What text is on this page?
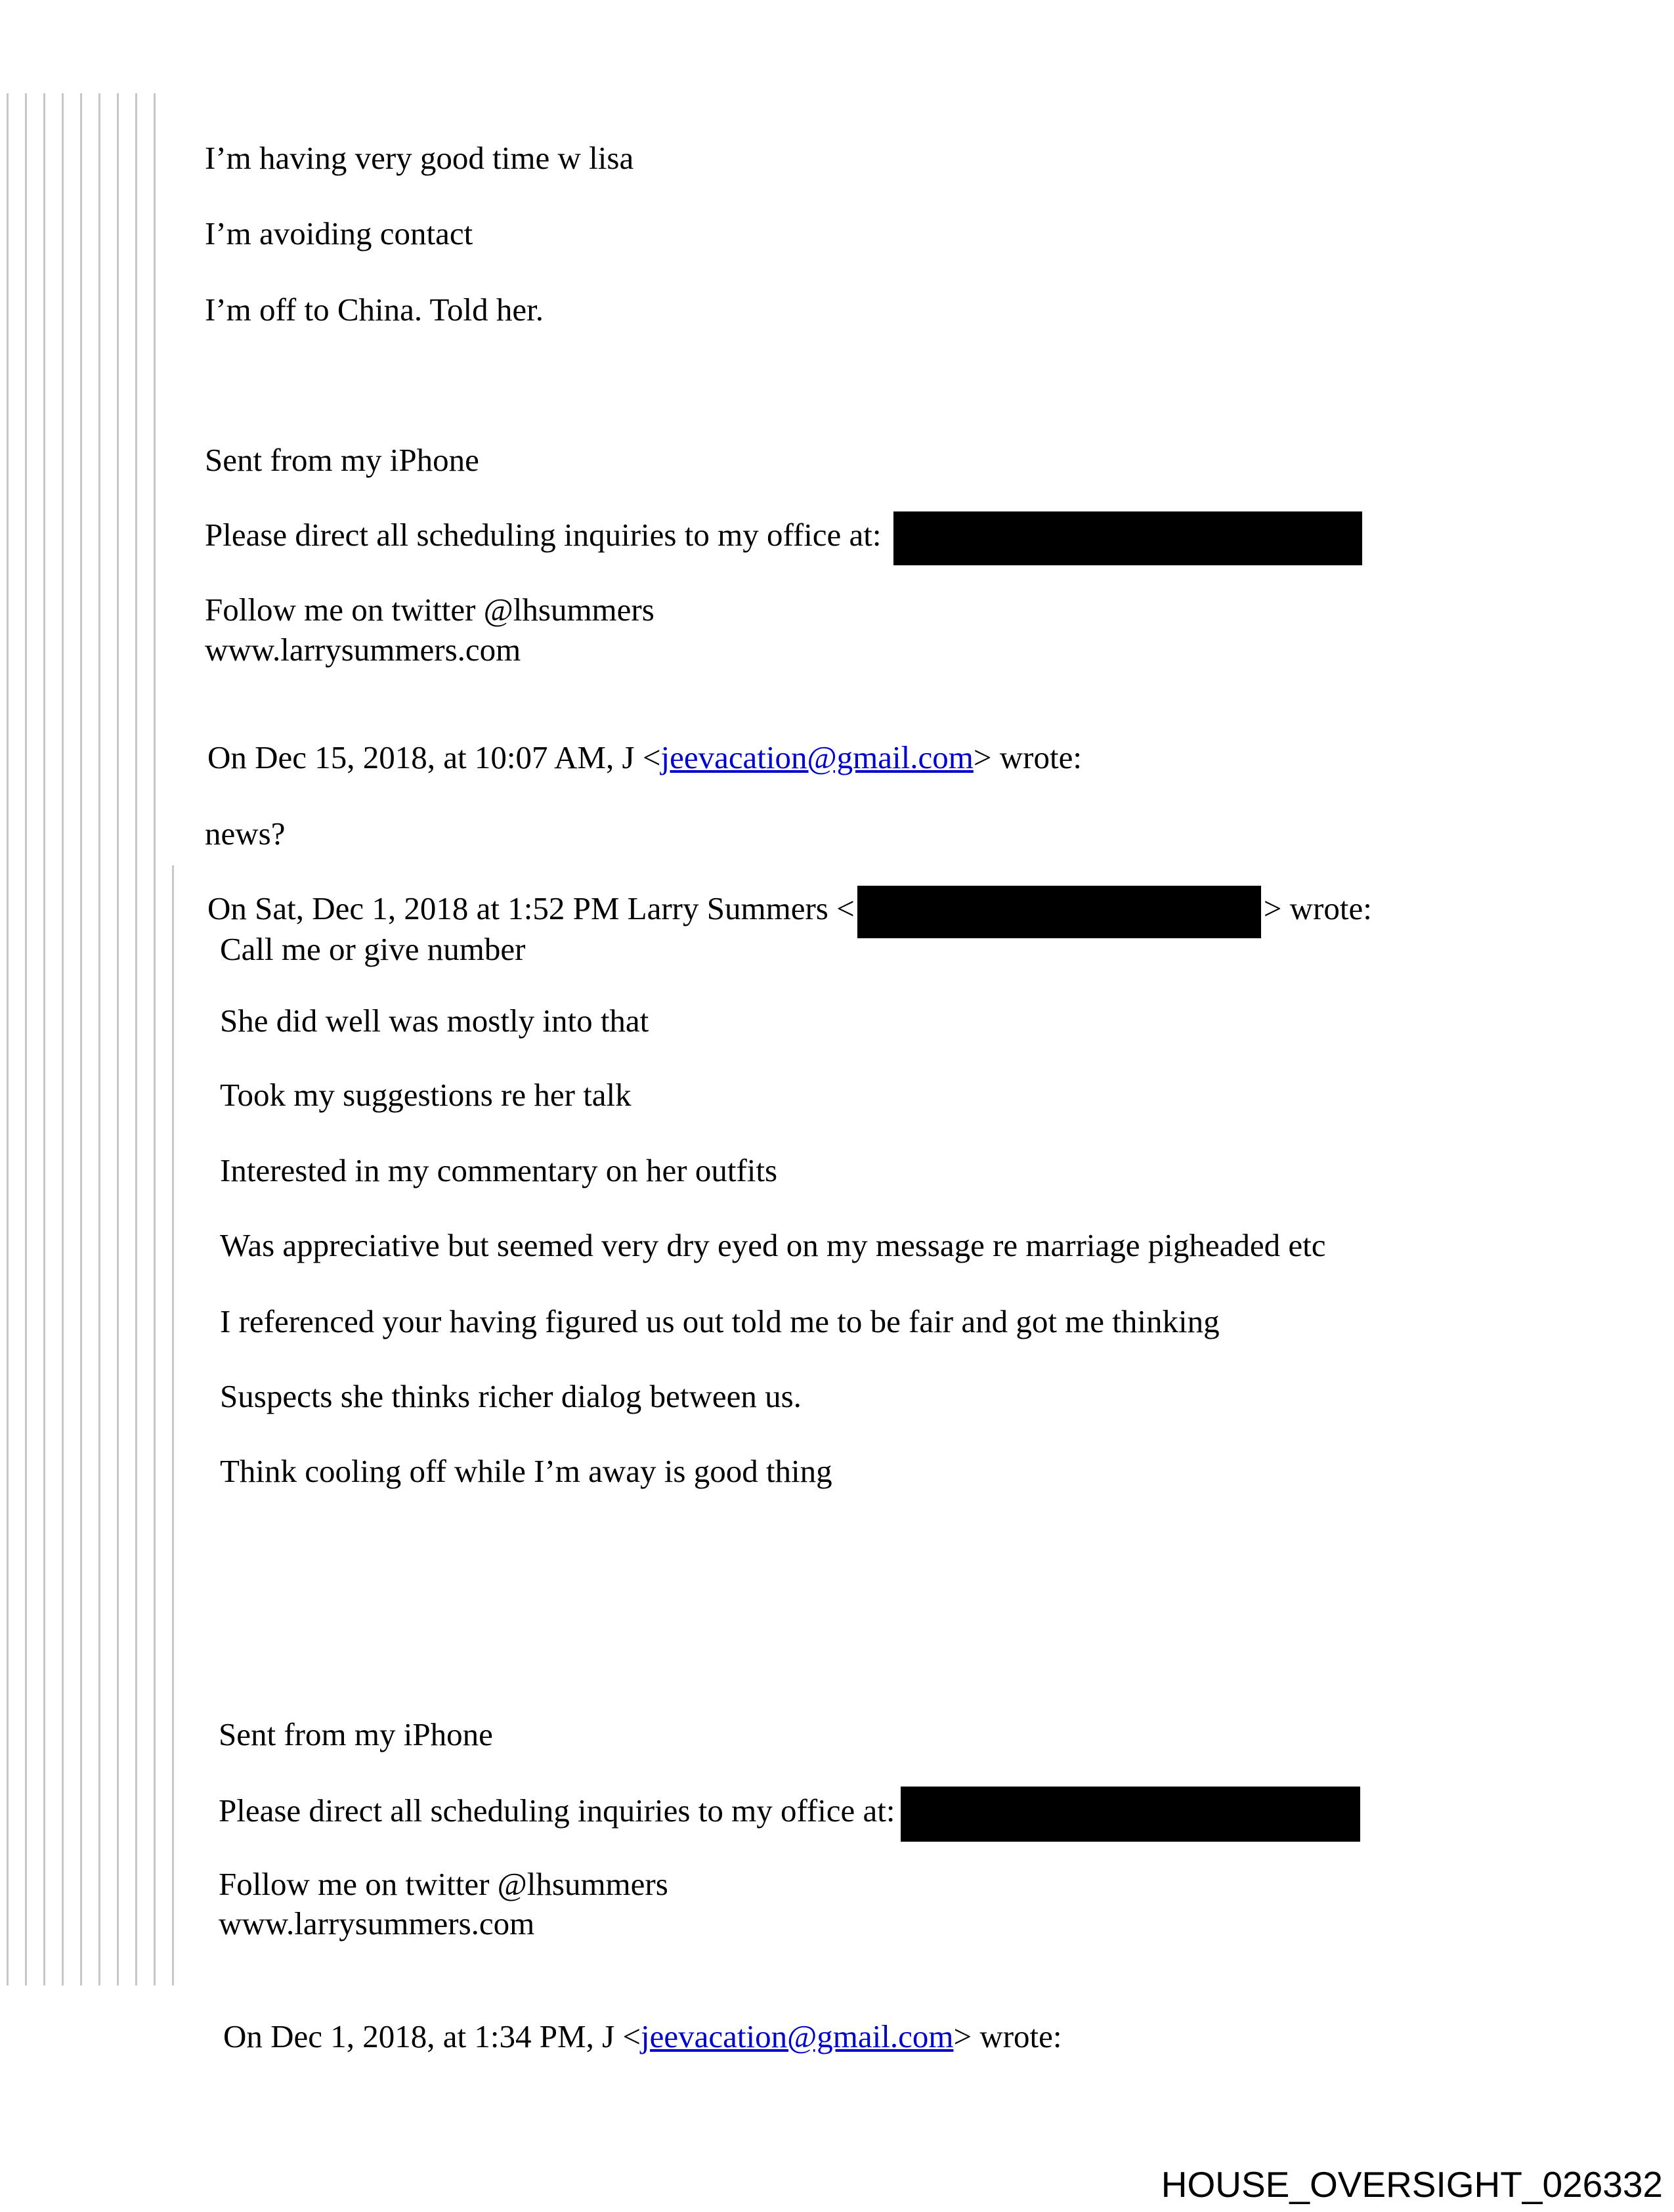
I’m having very good time w lisa

I’m avoiding contact

I’m off to China. Told her.

Sent from my iPhone

Please direct all scheduling inquiries to my office at:

Follow me on twitter @lhsummers

www.larrysummers.com

On Dec 15, 2018, at 10:07 AM, J <jeevacation@gmail.com> wrote:

news?

On Sat, Dec 1, 2018 at 1:52 PM Larry Summers <	> wrote:

Call me or give number

She did well was mostly into that

Took my suggestions re her talk

Interested in my commentary on her outfits

Was appreciative but seemed very dry eyed on my message re marriage pigheaded etc

I referenced your having figured us out told me to be fair and got me thinking

Suspects she thinks richer dialog between us.

Think cooling off while I’m away is good thing

Sent from my iPhone

Please direct all scheduling inquiries to my office at:

Follow me on twitter @lhsummers

www.larrysummers.com

On Dec 1, 2018, at 1:34 PM, J <jeevacation@gmail.com> wrote:

HOUSE_OVERSIGHT_026332
